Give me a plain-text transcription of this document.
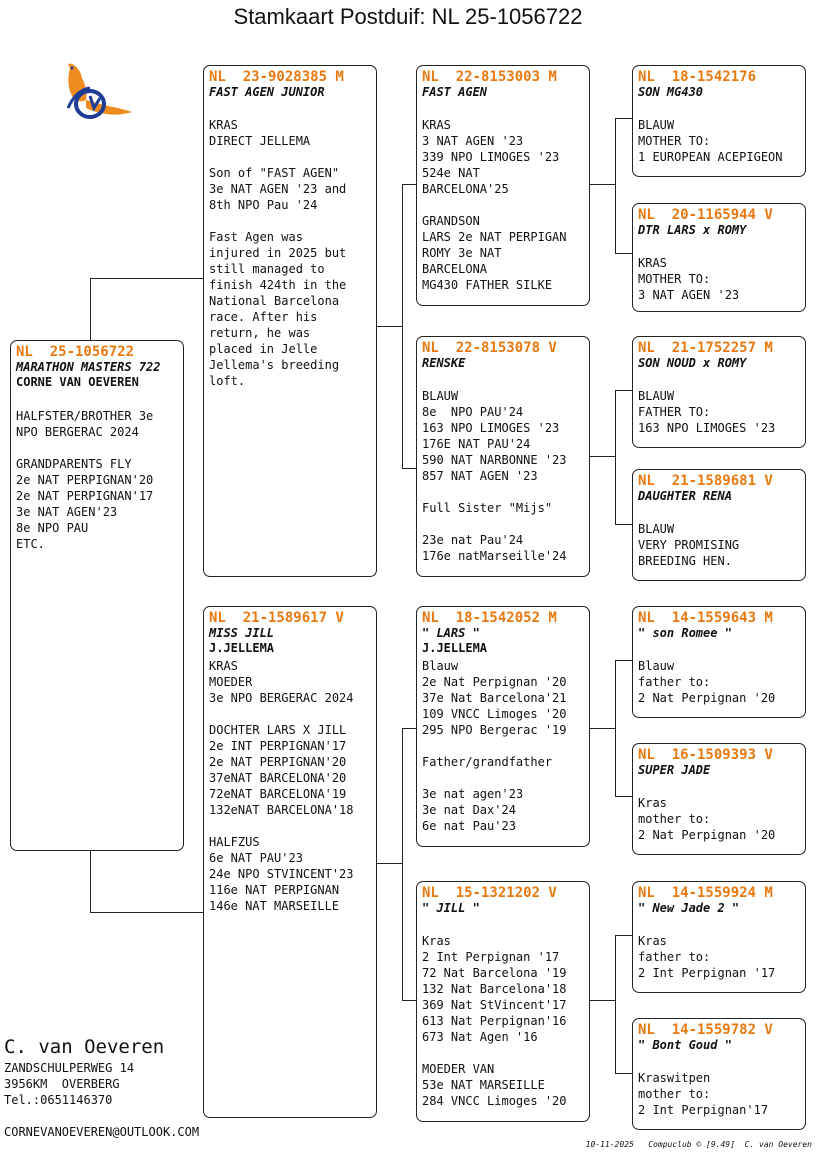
Stamkaart Postduif: NL 25-1056722
NL  25-1056722
MARATHON MASTERS 722
CORNE VAN OEVEREN

HALFSTER/BROTHER 3e
NPO BERGERAC 2024

GRANDPARENTS FLY
2e NAT PERPIGNAN'20
2e NAT PERPIGNAN'17
3e NAT AGEN'23
8e NPO PAU
ETC.
NL  23-9028385 M
FAST AGEN JUNIOR

KRAS
DIRECT JELLEMA

Son of "FAST AGEN"
3e NAT AGEN '23 and
8th NPO Pau '24

Fast Agen was
injured in 2025 but
still managed to
finish 424th in the
National Barcelona
race. After his
return, he was
placed in Jelle
Jellema's breeding
loft.
NL  21-1589617 V
MISS JILL
J.JELLEMA
KRAS
MOEDER
3e NPO BERGERAC 2024

DOCHTER LARS X JILL
2e INT PERPIGNAN'17
2e NAT PERPIGNAN'20
37eNAT BARCELONA'20
72eNAT BARCELONA'19
132eNAT BARCELONA'18

HALFZUS
6e NAT PAU'23
24e NPO STVINCENT'23
116e NAT PERPIGNAN
146e NAT MARSEILLE
NL  22-8153003 M
FAST AGEN

KRAS
3 NAT AGEN '23
339 NPO LIMOGES '23
524e NAT
BARCELONA'25

GRANDSON
LARS 2e NAT PERPIGAN
ROMY 3e NAT
BARCELONA
MG430 FATHER SILKE
NL  22-8153078 V
RENSKE

BLAUW
8e  NPO PAU'24
163 NPO LIMOGES '23
176E NAT PAU'24
590 NAT NARBONNE '23
857 NAT AGEN '23

Full Sister "Mijs"

23e nat Pau'24
176e natMarseille'24
NL  18-1542052 M
" LARS "
J.JELLEMA
Blauw
2e Nat Perpignan '20
37e Nat Barcelona'21
109 VNCC Limoges '20
295 NPO Bergerac '19

Father/grandfather

3e nat agen'23
3e nat Dax'24
6e nat Pau'23
NL  15-1321202 V
" JILL "

Kras
2 Int Perpignan '17
72 Nat Barcelona '19
132 Nat Barcelona'18
369 Nat StVincent'17
613 Nat Perpignan'16
673 Nat Agen '16

MOEDER VAN
53e NAT MARSEILLE
284 VNCC Limoges '20
NL  18-1542176
SON MG430

BLAUW
MOTHER TO:
1 EUROPEAN ACEPIGEON
NL  20-1165944 V
DTR LARS x ROMY

KRAS
MOTHER TO:
3 NAT AGEN '23
NL  21-1752257 M
SON NOUD x ROMY

BLAUW
FATHER TO:
163 NPO LIMOGES '23
NL  21-1589681 V
DAUGHTER RENA

BLAUW
VERY PROMISING
BREEDING HEN.
NL  14-1559643 M
" son Romee "

Blauw
father to:
2 Nat Perpignan '20
NL  16-1509393 V
SUPER JADE

Kras
mother to:
2 Nat Perpignan '20
NL  14-1559924 M
" New Jade 2 "

Kras
father to:
2 Int Perpignan '17
NL  14-1559782 V
" Bont Goud "

Kraswitpen
mother to:
2 Int Perpignan'17
C. van Oeveren
ZANDSCHULPERWEG 14
3956KM  OVERBERG
Tel.:0651146370
CORNEVANOEVEREN@OUTLOOK.COM
10-11-2025   Compuclub © [9.49]  C. van Oeveren
